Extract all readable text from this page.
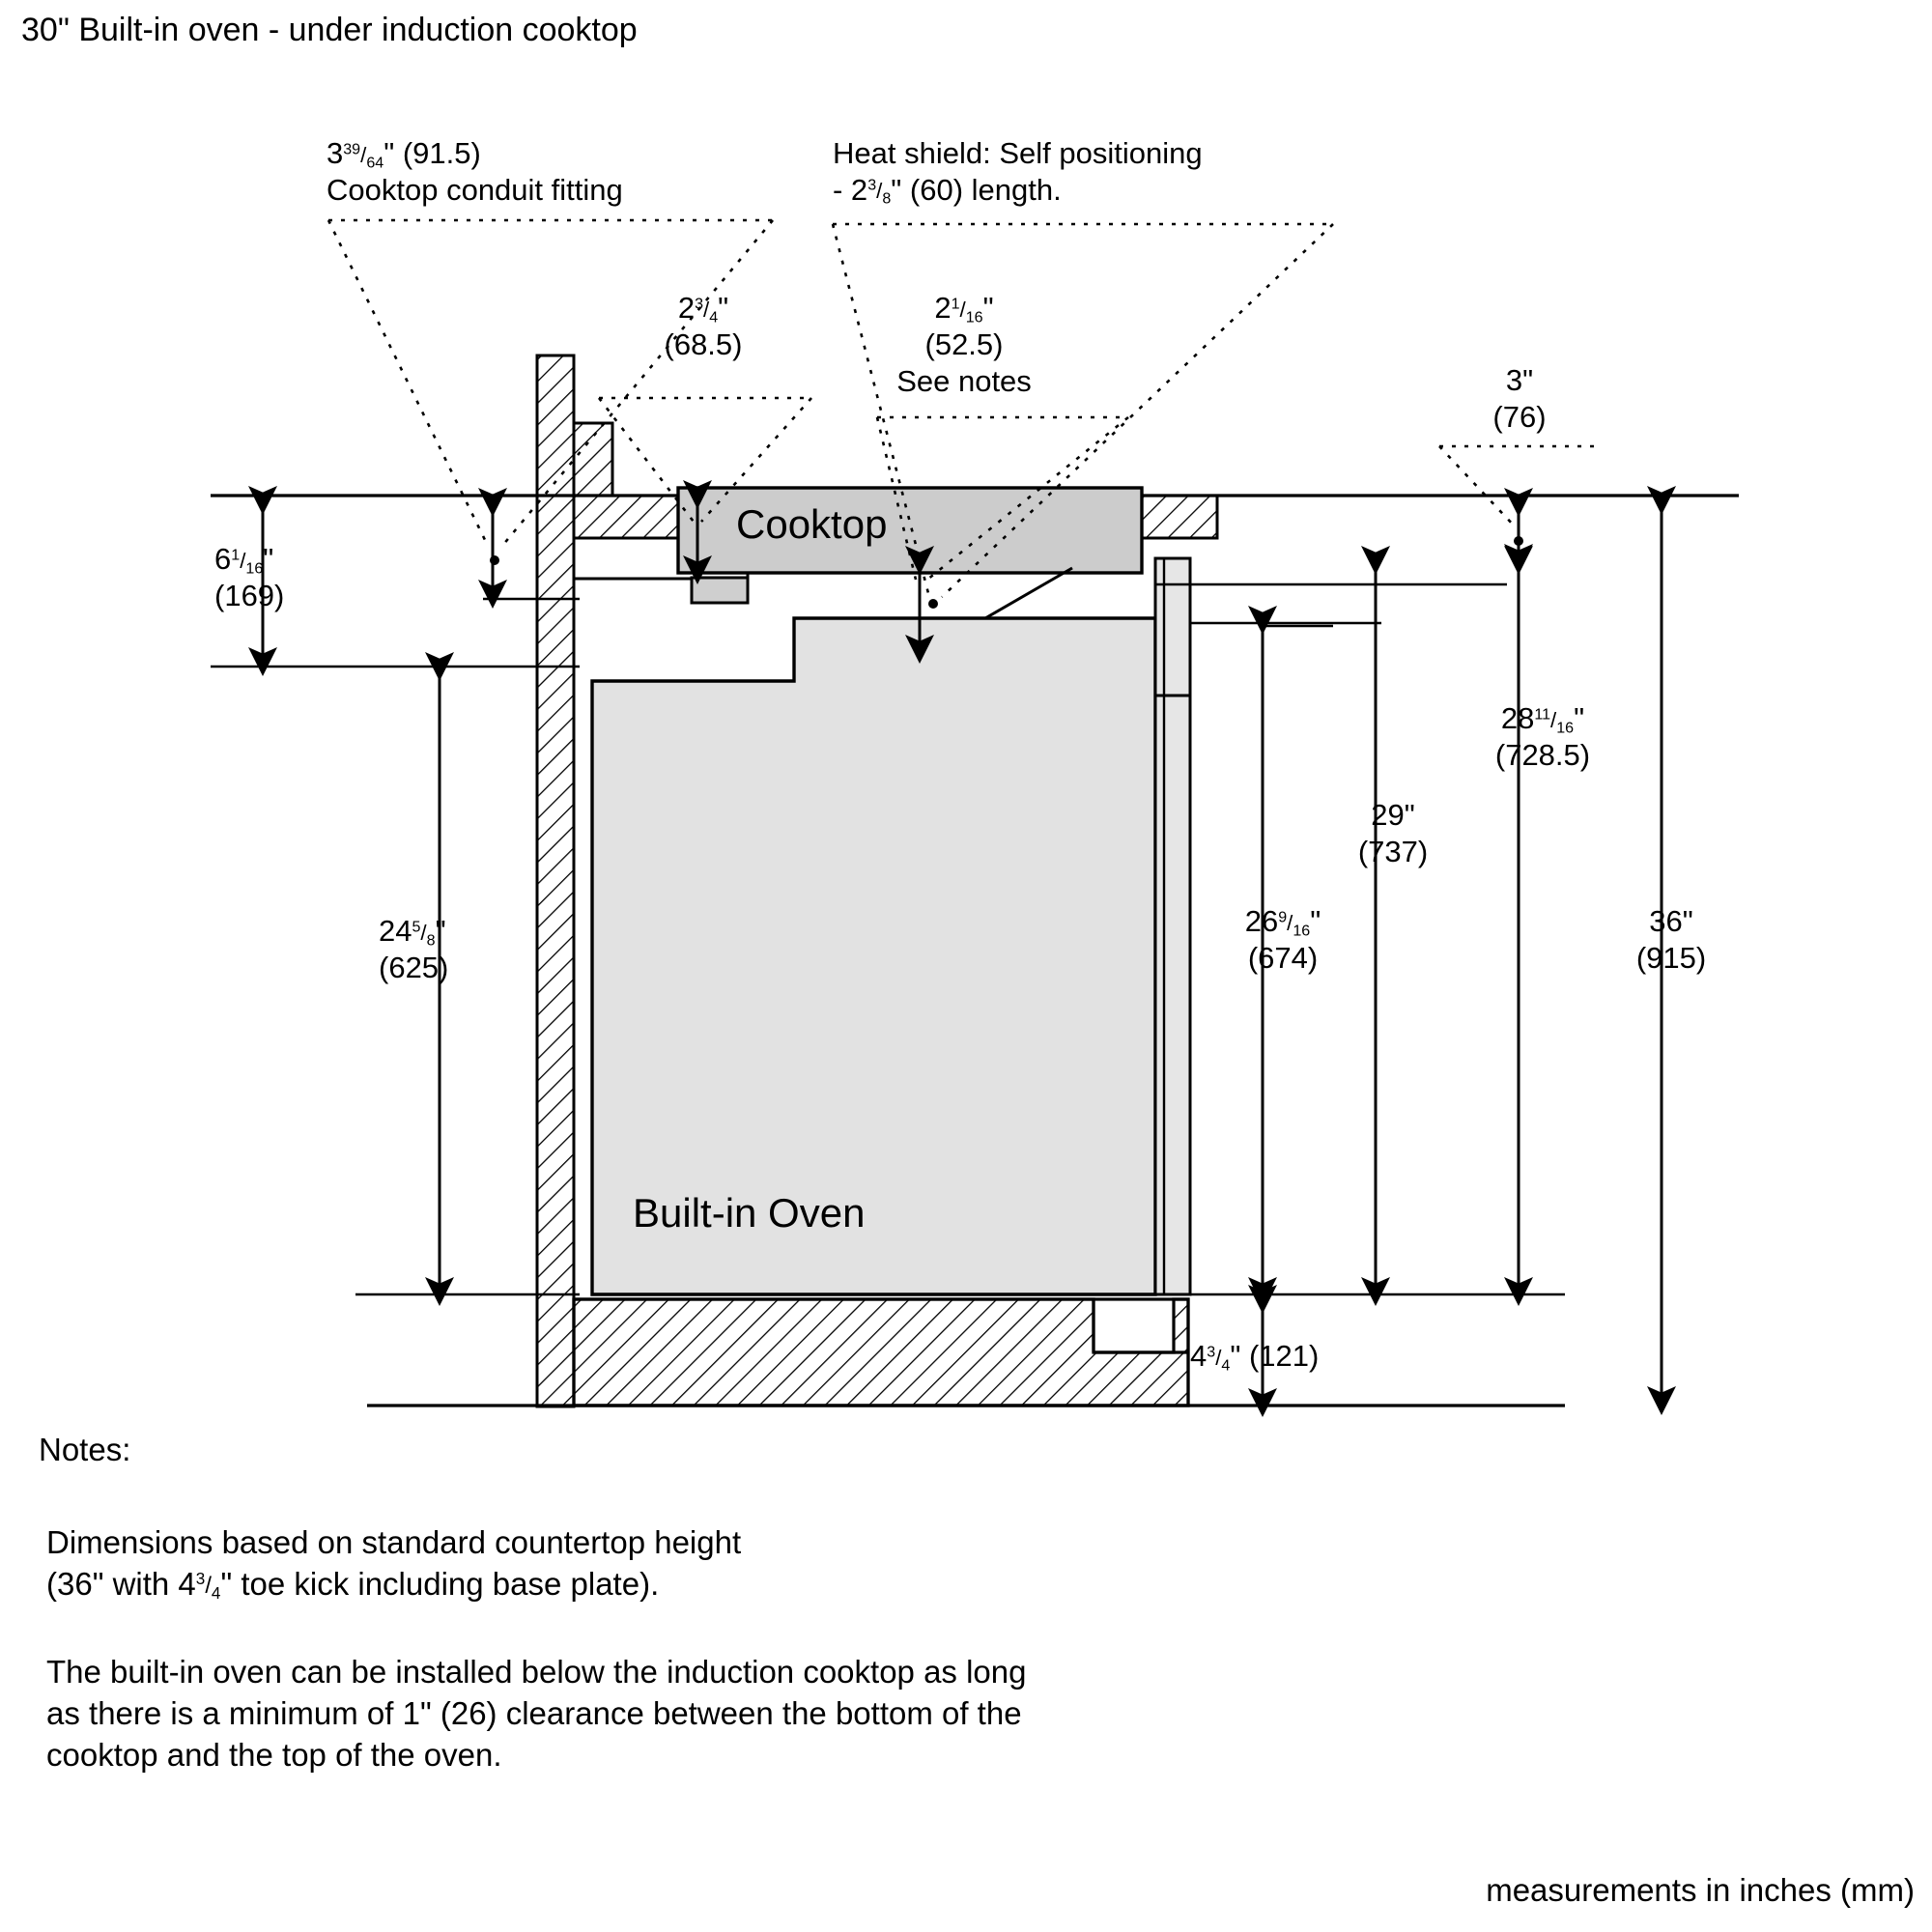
30" Built-in oven - under induction cooktop
Cooktop
Built-in Oven
$3^{39}/_{64}$" (91.5)
Cooktop conduit fitting
Heat shield: Self positioning
- $2^3/_8$" (60) length.
$2^3/_4$"
(68.5)
$2^1/_{16}$"
(52.5)
See notes	3"
(76)
$6^1/_{16}$"
(169)
$24^5/_8$"
(625)
$26^9/_{16}$"
(674)
29"
(737)
$28^{11}/_{16}$"
(728.5)
36"
(915)
$4^3/_4$" (121)
Notes:
Dimensions based on standard countertop height
(36" with $4^3/_4$" toe kick including base plate).
The built-in oven can be installed below the induction cooktop as long
as there is a minimum of 1" (26) clearance between the bottom of the
cooktop and the top of the oven.
measurements in inches (mm)
